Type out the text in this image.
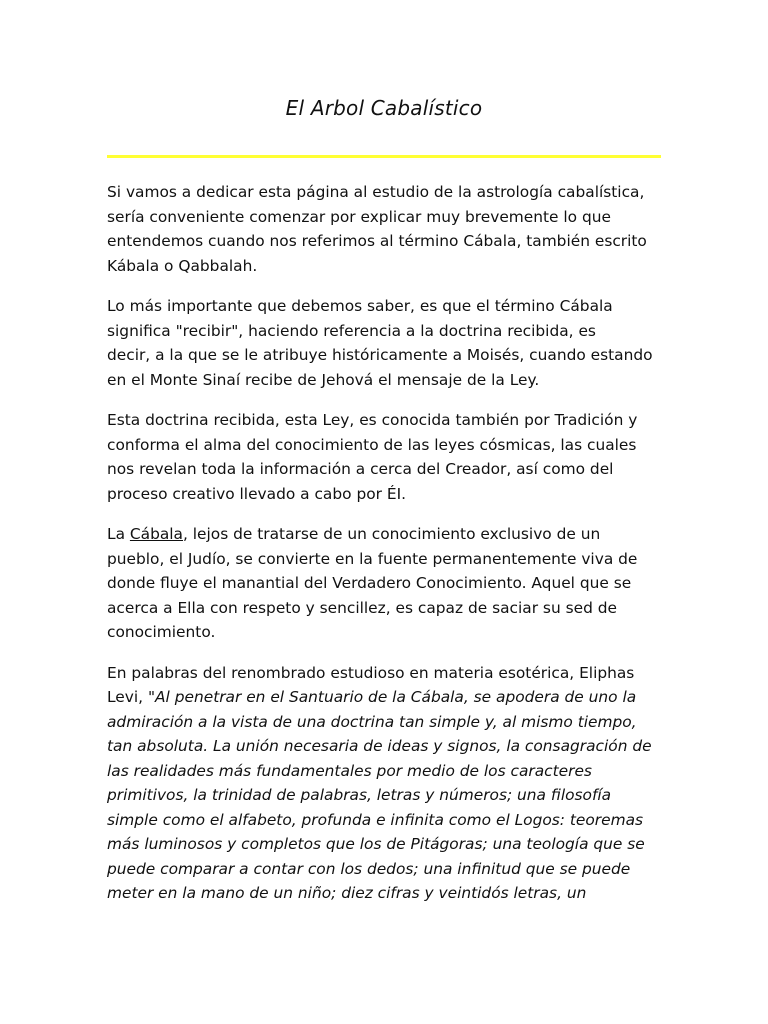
El Arbol Cabalístico

Si vamos a dedicar esta página al estudio de la astrología cabalística,
sería conveniente comenzar por explicar muy brevemente lo que
entendemos cuando nos referimos al término Cábala, también escrito
Kábala o Qabbalah.

Lo más importante que debemos saber, es que el término Cábala
significa "recibir", haciendo referencia a la doctrina recibida, es
decir, a la que se le atribuye históricamente a Moisés, cuando estando
en el Monte Sinaí recibe de Jehová el mensaje de la Ley.

Esta doctrina recibida, esta Ley, es conocida también por Tradición y
conforma el alma del conocimiento de las leyes cósmicas, las cuales
nos revelan toda la información a cerca del Creador, así como del
proceso creativo llevado a cabo por ÉI.

La Cábala, lejos de tratarse de un conocimiento exclusivo de un
pueblo, el Judío, se convierte en la fuente permanentemente viva de
donde fluye el manantial del Verdadero Conocimiento. Aquel que se
acerca a Ella con respeto y sencillez, es capaz de saciar su sed de
conocimiento.

En palabras del renombrado estudioso en materia esotérica, Eliphas
Levi, "Al penetrar en el Santuario de la Cábala, se apodera de uno la
admiración a la vista de una doctrina tan simple y, al mismo tiempo,
tan absoluta. La unión necesaria de ideas y signos, la consagración de
las realidades más fundamentales por medio de los caracteres
primitivos, la trinidad de palabras, letras y números; una filosofía
simple como el alfabeto, profunda e infinita como el Logos: teoremas
más luminosos y completos que los de Pitágoras; una teología que se
puede comparar a contar con los dedos; una infinitud que se puede
meter en la mano de un niño; diez cifras y veintidós letras, un
